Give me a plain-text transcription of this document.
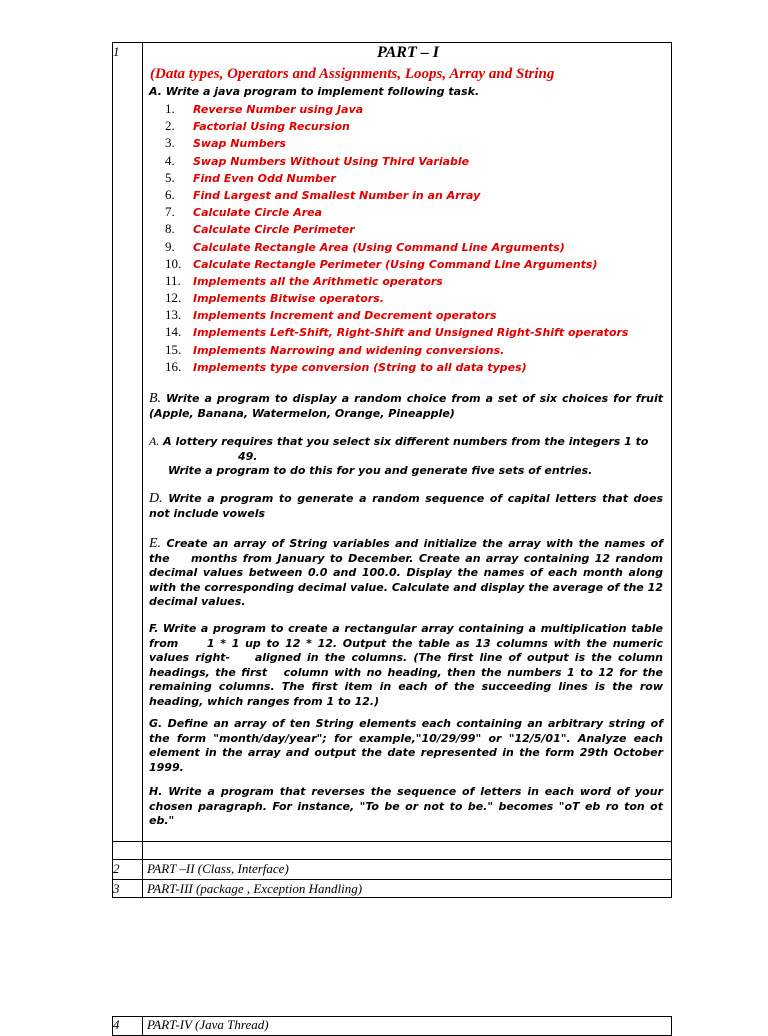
1	PART – I
(Data types, Operators and Assignments, Loops, Array and String
A. Write a java program to implement following task.
1. Reverse Number using Java
2. Factorial Using Recursion
3. Swap Numbers
4. Swap Numbers Without Using Third Variable
5. Find Even Odd Number
6. Find Largest and Smallest Number in an Array
7. Calculate Circle Area
8. Calculate Circle Perimeter
9. Calculate Rectangle Area (Using Command Line Arguments)
10. Calculate Rectangle Perimeter (Using Command Line Arguments)
11. Implements all the Arithmetic operators
12. Implements Bitwise operators.
13. Implements Increment and Decrement operators
14. Implements Left-Shift, Right-Shift and Unsigned Right-Shift operators
15. Implements Narrowing and widening conversions.
16. Implements type conversion (String to all data types)
B. Write a program to display a random choice from a set of six choices for fruit (Apple, Banana, Watermelon, Orange, Pineapple)
A. A lottery requires that you select six different numbers from the integers 1 to
49.
Write a program to do this for you and generate five sets of entries.
D. Write a program to generate a random sequence of capital letters that does not include vowels
E. Create an array of String variables and initialize the array with the names of the    months from January to December. Create an array containing 12 random decimal values between 0.0 and 100.0. Display the names of each month along with the corresponding decimal value. Calculate and display the average of the 12 decimal values.
F. Write a program to create a rectangular array containing a multiplication table from     1 * 1 up to 12 * 12. Output the table as 13 columns with the numeric values right-    aligned in the columns. (The first line of output is the column headings, the first   column with no heading, then the numbers 1 to 12 for the remaining columns. The first item in each of the succeeding lines is the row heading, which ranges from 1 to 12.)
G. Define an array of ten String elements each containing an arbitrary string of the form "month/day/year"; for example,"10/29/99" or "12/5/01". Analyze each element in the array and output the date represented in the form 29th October 1999.
H. Write a program that reverses the sequence of letters in each word of your chosen paragraph. For instance, "To be or not to be." becomes "oT eb ro ton ot eb."
2 PART –II (Class, Interface)
3 PART-III (package , Exception Handling)
4 PART-IV (Java Thread)
